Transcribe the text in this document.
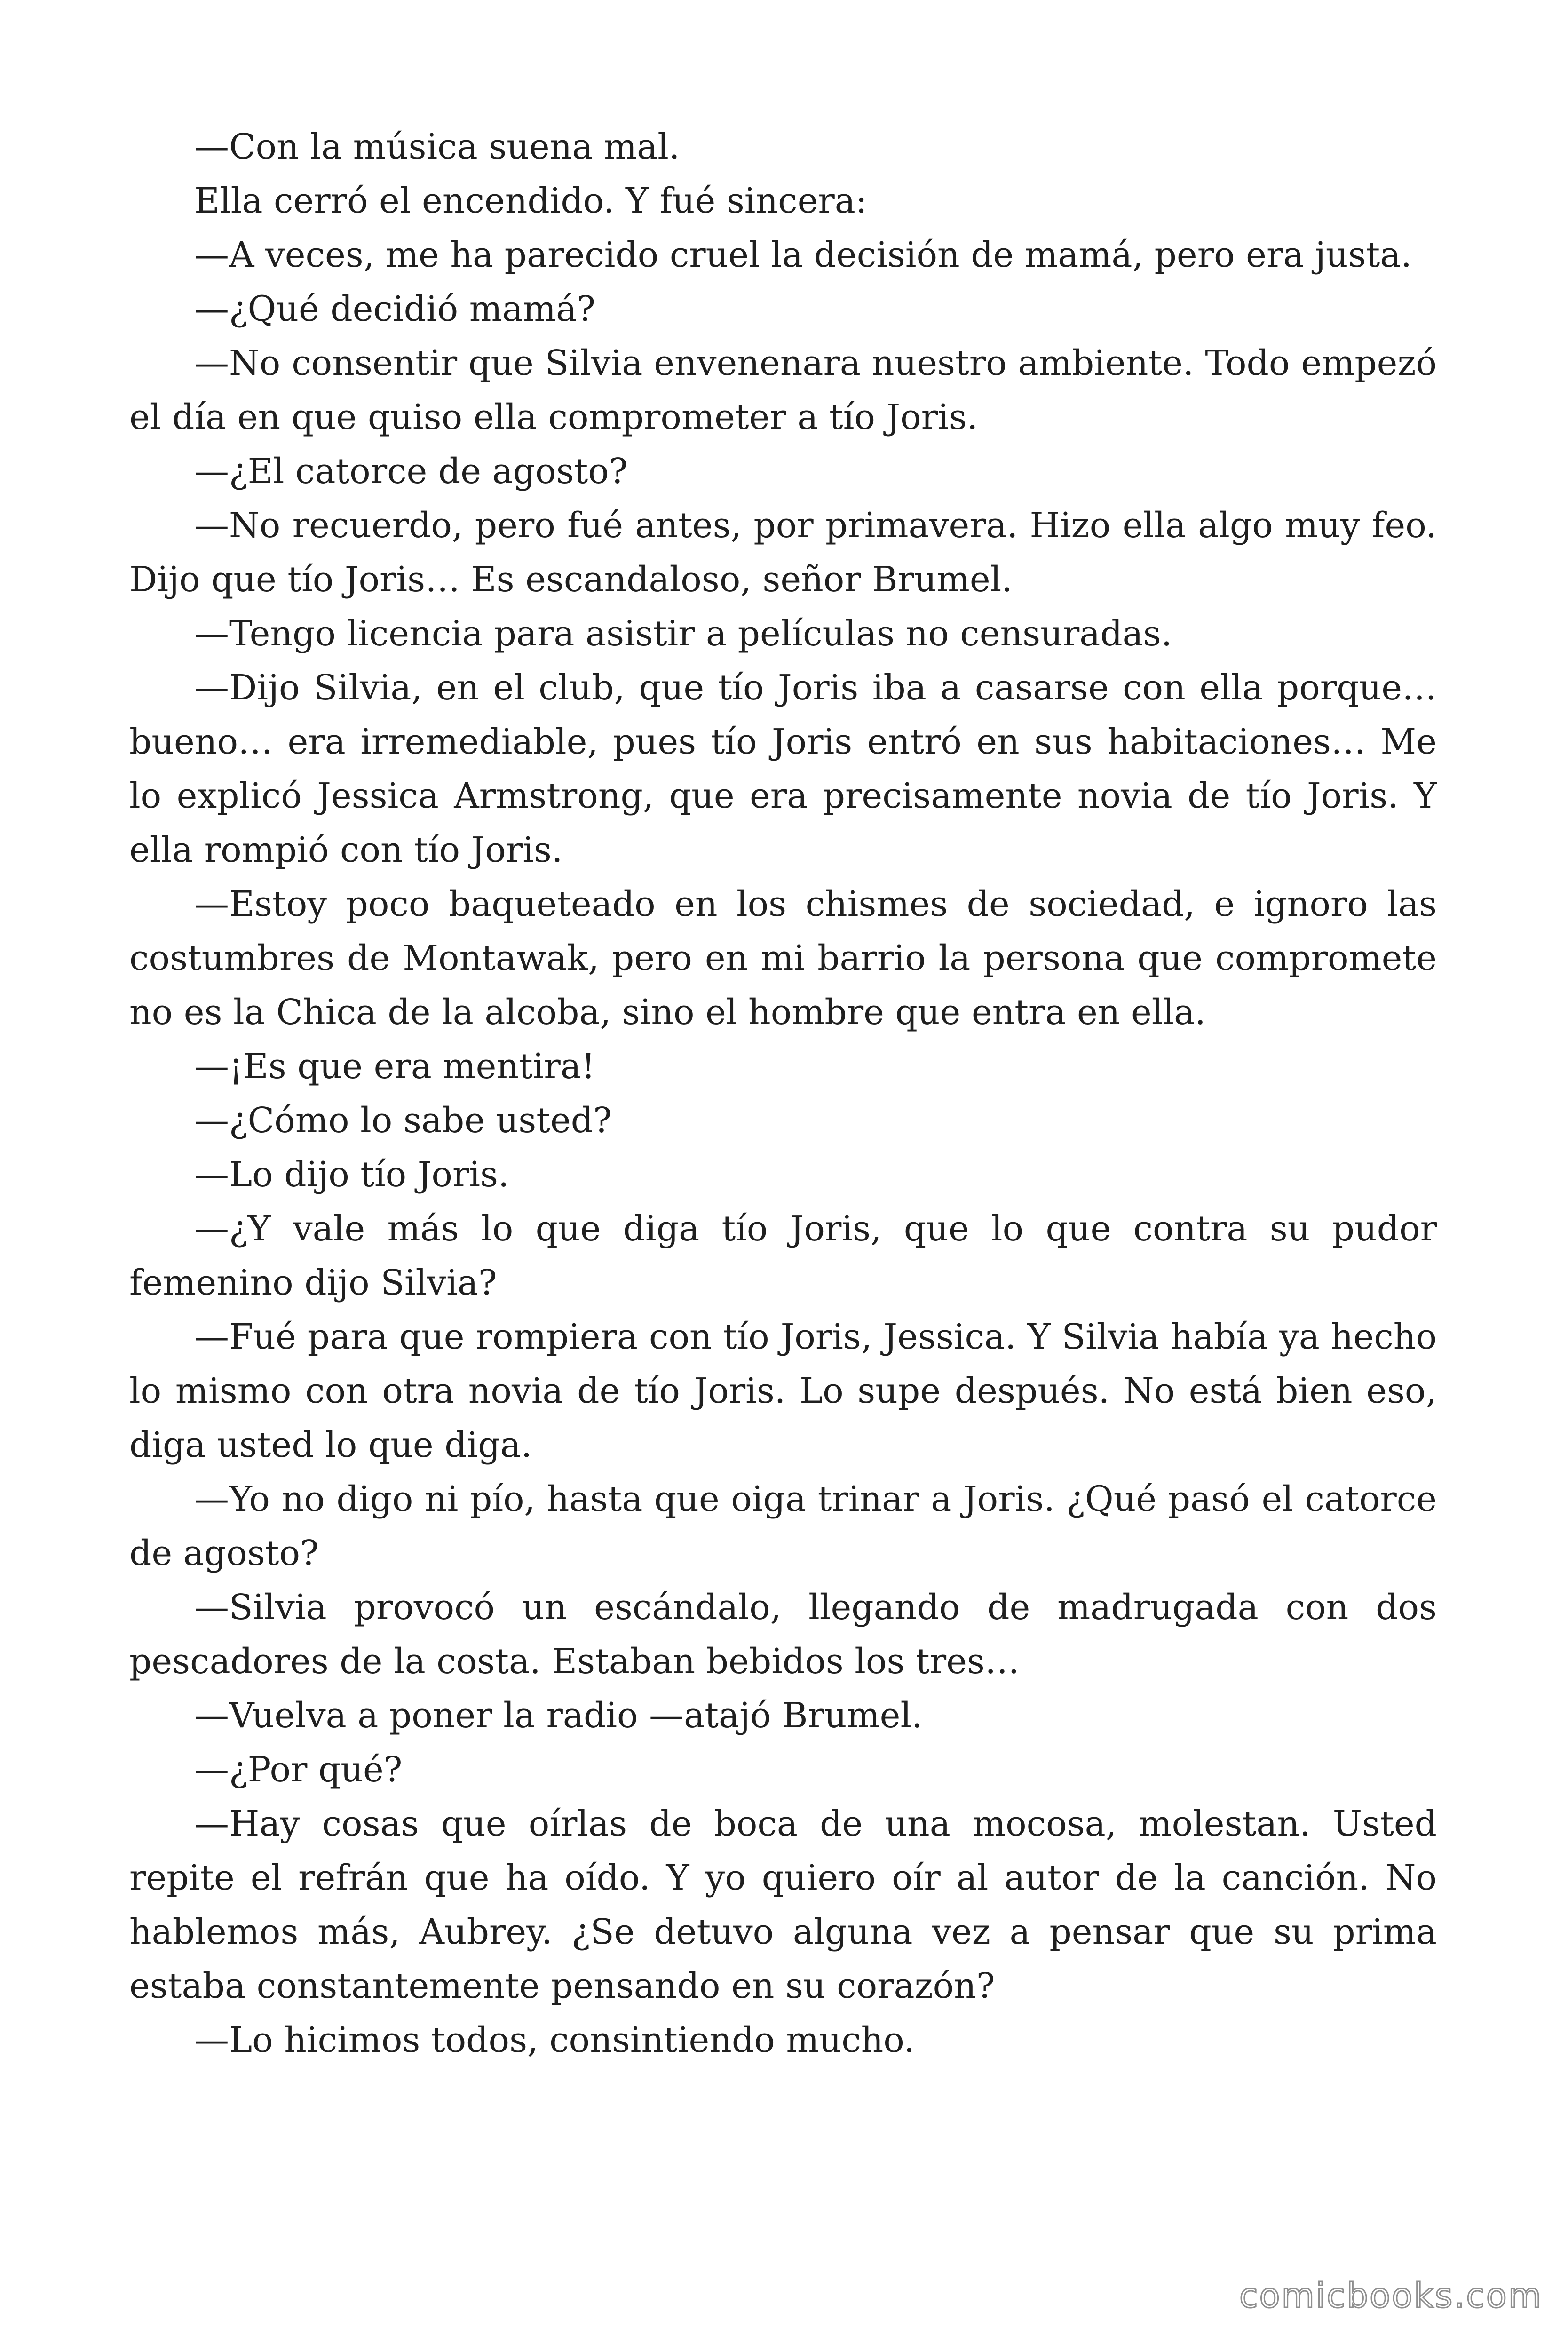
—Con la música suena mal.

Ella cerró el encendido. Y fué sincera:

—A veces, me ha parecido cruel la decisión de mamá, pero era justa.

—¿Qué decidió mamá?

—No consentir que Silvia envenenara nuestro ambiente. Todo empezó el día en que quiso ella comprometer a tío Joris.

—¿El catorce de agosto?

—No recuerdo, pero fué antes, por primavera. Hizo ella algo muy feo. Dijo que tío Joris… Es escandaloso, señor Brumel.

—Tengo licencia para asistir a películas no censuradas.

—Dijo Silvia, en el club, que tío Joris iba a casarse con ella porque… bueno… era irremediable, pues tío Joris entró en sus habitaciones… Me lo explicó Jessica Armstrong, que era precisamente novia de tío Joris. Y ella rompió con tío Joris.

—Estoy poco baqueteado en los chismes de sociedad, e ignoro las costumbres de Montawak, pero en mi barrio la persona que compromete no es la Chica de la alcoba, sino el hombre que entra en ella.

—¡Es que era mentira!

—¿Cómo lo sabe usted?

—Lo dijo tío Joris.

—¿Y vale más lo que diga tío Joris, que lo que contra su pudor femenino dijo Silvia?

—Fué para que rompiera con tío Joris, Jessica. Y Silvia había ya hecho lo mismo con otra novia de tío Joris. Lo supe después. No está bien eso, diga usted lo que diga.

—Yo no digo ni pío, hasta que oiga trinar a Joris. ¿Qué pasó el catorce de agosto?

—Silvia provocó un escándalo, llegando de madrugada con dos pescadores de la costa. Estaban bebidos los tres…

—Vuelva a poner la radio —atajó Brumel.

—¿Por qué?

—Hay cosas que oírlas de boca de una mocosa, molestan. Usted repite el refrán que ha oído. Y yo quiero oír al autor de la canción. No hablemos más, Aubrey. ¿Se detuvo alguna vez a pensar que su prima estaba constantemente pensando en su corazón?

—Lo hicimos todos, consintiendo mucho.

comicbooks.com
